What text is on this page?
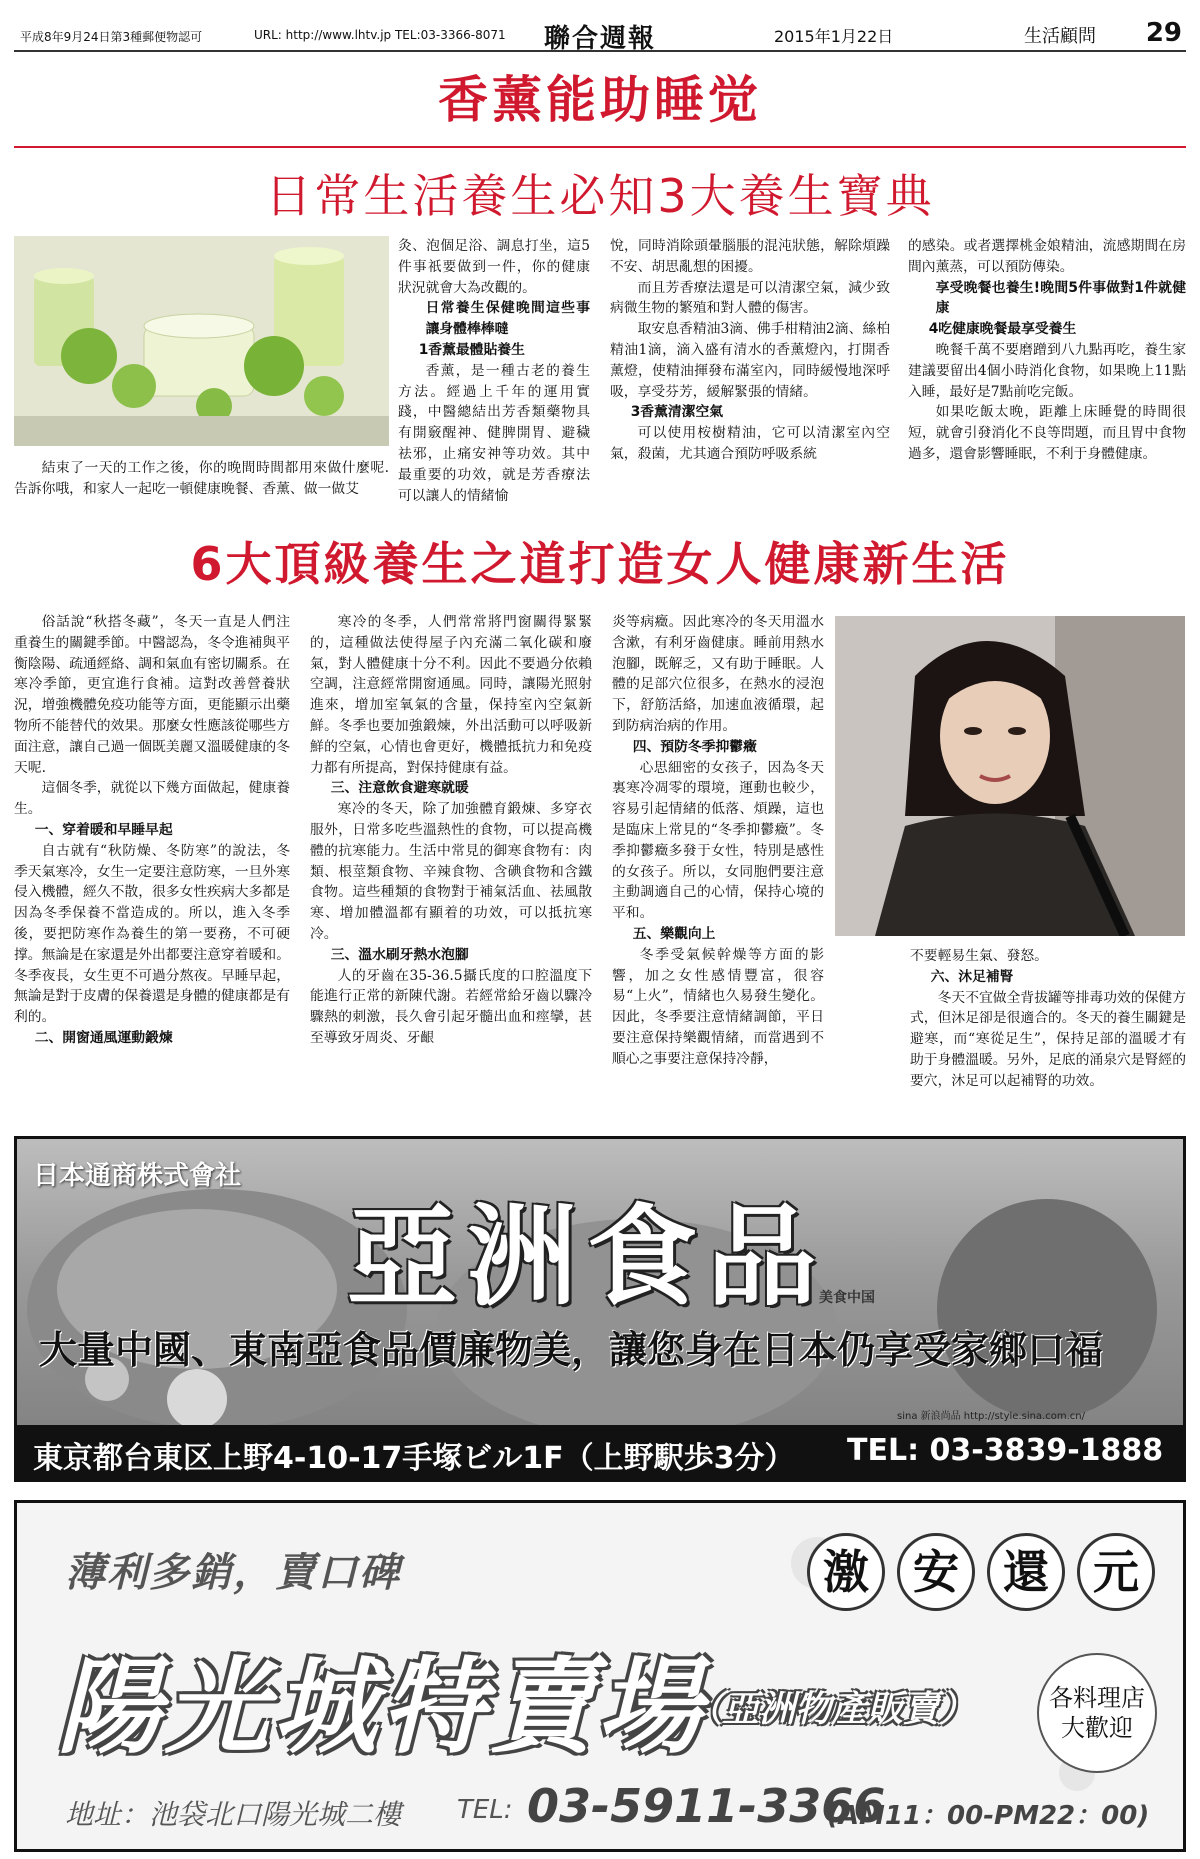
平成8年9月24日第3種郵便物認可	URL: http://www.lhtv.jp TEL:03-3366-8071 聯合週報	2015年1月22日	生活顧問 29
香薰能助睡觉
日常生活養生必知3大養生寶典

結束了一天的工作之後，你的晚間時間都用來做什麼呢.告訴你哦，和家人一起吃一頓健康晚餐、香薰、做一做艾

灸、泡個足浴、調息打坐，這5件事祇要做到一件，你的健康狀況就會大為改觀的。

日常養生保健晚間這些事讓身體棒棒噠

1香薰最體貼養生

香薰，是一種古老的養生方法。經過上千年的運用實踐，中醫總結出芳香類藥物具有開竅醒神、健脾開胃、避穢祛邪，止痛安神等功效。其中最重要的功效，就是芳香療法可以讓人的情緒愉

悅，同時消除頭暈腦脹的混沌狀態，解除煩躁不安、胡思亂想的困擾。

而且芳香療法還是可以清潔空氣，減少致病微生物的繁殖和對人體的傷害。

取安息香精油3滴、佛手柑精油2滴、絲柏精油1滴，滴入盛有清水的香薰燈內，打開香薰燈，使精油揮發布滿室內，同時緩慢地深呼吸，享受芬芳，緩解緊張的情緒。

3香薰清潔空氣

可以使用桉樹精油，它可以清潔室內空氣，殺菌，尤其適合預防呼吸系統

的感染。或者選擇桃金娘精油，流感期間在房間內薰蒸，可以預防傳染。

享受晚餐也養生!晚間5件事做對1件就健康

4吃健康晚餐最享受養生

晚餐千萬不要磨蹭到八九點再吃，養生家建議要留出4個小時消化食物，如果晚上11點入睡，最好是7點前吃完飯。

如果吃飯太晚，距離上床睡覺的時間很短，就會引發消化不良等問題，而且胃中食物過多，還會影響睡眠，不利于身體健康。

6大頂級養生之道打造女人健康新生活

俗話說“秋搭冬藏”，冬天一直是人們注重養生的關鍵季節。中醫認為，冬令進補與平衡陰陽、疏通經絡、調和氣血有密切關系。在寒冷季節，更宜進行食補。這對改善營養狀況，增強機體免疫功能等方面，更能顯示出藥物所不能替代的效果。那麼女性應該從哪些方面注意，讓自己過一個既美麗又溫暖健康的冬天呢.

這個冬季，就從以下幾方面做起，健康養生。

一、穿着暖和早睡早起

自古就有“秋防燥、冬防寒”的說法，冬季天氣寒冷，女生一定要注意防寒，一旦外寒侵入機體，經久不散，很多女性疾病大多都是因為冬季保養不當造成的。所以，進入冬季後，要把防寒作為養生的第一要務，不可硬撑。無論是在家還是外出都要注意穿着暖和。冬季夜長，女生更不可過分熬夜。早睡早起，無論是對于皮膚的保養還是身體的健康都是有利的。

二、開窗通風運動鍛煉

寒冷的冬季，人們常常將門窗關得緊緊的，這種做法使得屋子內充滿二氧化碳和廢氣，對人體健康十分不利。因此不要過分依賴空調，注意經常開窗通風。同時，讓陽光照射進來，增加室氧氣的含量，保持室內空氣新鮮。冬季也要加強鍛煉，外出活動可以呼吸新鮮的空氣，心情也會更好，機體抵抗力和免疫力都有所提高，對保持健康有益。

三、注意飲食避寒就暖

寒冷的冬天，除了加強體育鍛煉、多穿衣服外，日常多吃些溫熱性的食物，可以提高機體的抗寒能力。生活中常見的御寒食物有：肉類、根莖類食物、辛辣食物、含碘食物和含鐵食物。這些種類的食物對于補氣活血、祛風散寒、增加體溫都有顯着的功效，可以抵抗寒冷。

三、溫水刷牙熱水泡腳

人的牙齒在35-36.5攝氏度的口腔溫度下能進行正常的新陳代謝。若經常給牙齒以驟冷驟熱的刺激，長久會引起牙髓出血和痙攣，甚至導致牙周炎、牙齦

炎等病癥。因此寒冷的冬天用溫水含漱，有利牙齒健康。睡前用熱水泡腳，既解乏，又有助于睡眠。人體的足部穴位很多，在熱水的浸泡下，舒筋活絡，加速血液循環，起到防病治病的作用。

四、預防冬季抑鬱癥

心思細密的女孩子，因為冬天裏寒冷凋零的環境，運動也較少，容易引起情緒的低落、煩躁，這也是臨床上常見的“冬季抑鬱癥”。冬季抑鬱癥多發于女性，特別是感性的女孩子。所以，女同胞們要注意主動調適自己的心情，保持心境的平和。

五、樂觀向上

冬季受氣候幹燥等方面的影響，加之女性感情豐富，很容易“上火”，情緒也久易發生變化。因此，冬季要注意情緒調節，平日要注意保持樂觀情緒，而當遇到不順心之事要注意保持冷靜，

不要輕易生氣、發怒。

六、沐足補腎

冬天不宜做全背拔罐等排毒功效的保健方式，但沐足卻是很適合的。冬天的養生關鍵是避寒，而“寒從足生”，保持足部的溫暖才有助于身體溫暖。另外，足底的涌泉穴是腎經的要穴，沐足可以起補腎的功效。

日本通商株式會社
亞洲食品
大量中國、東南亞食品價廉物美，讓您身在日本仍享受家鄉口福
美食中国
sina 新浪尚品 http://style.sina.com.cn/
東京都台東区上野4-10-17手塚ビル1F（上野駅歩3分） TEL: 03-3839-1888
薄利多銷，賣口碑	激 安 還 元
陽光城特賣場
（亞洲物產販賣）	各料理店
大歡迎
地址：池袋北口陽光城二樓 TEL: 03-5911-3366
(AM11：00-PM22：00)
